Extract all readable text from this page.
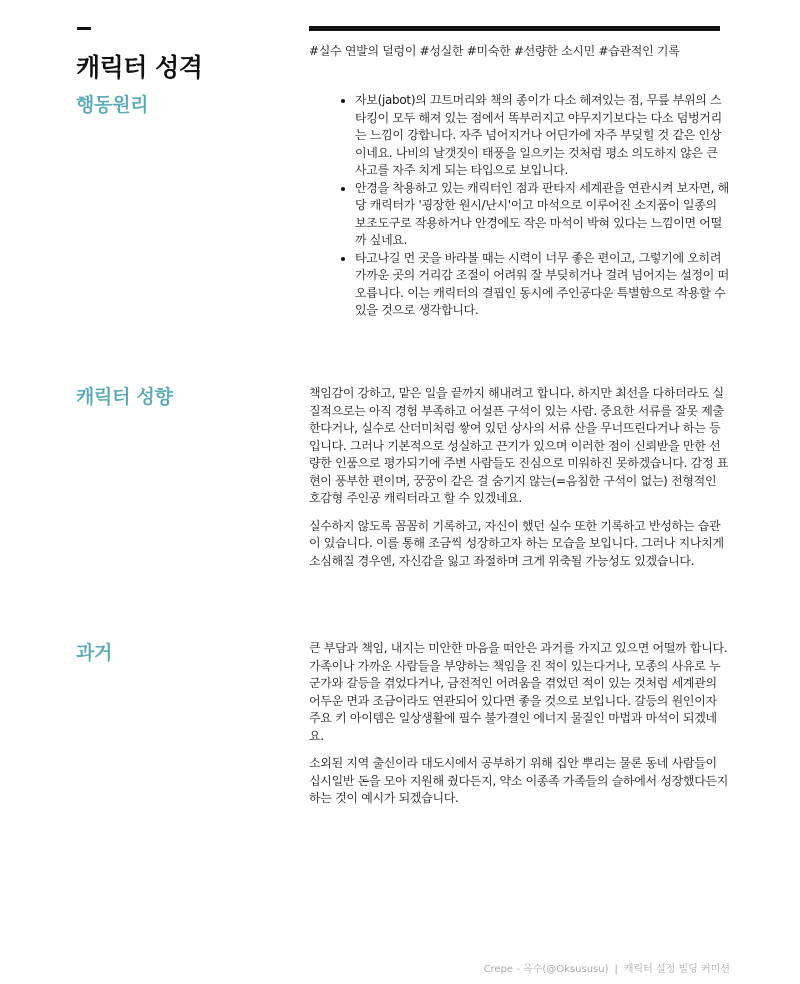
캐릭터 성격
#실수 연발의 덜렁이 #성실한 #미숙한 #선량한 소시민 #습관적인 기록
행동원리
•	자보(jabot)의 끄트머리와 책의 종이가 다소 헤져있는 점, 무릎 부위의 스타킹이 모두 해져 있는 점에서 똑부러지고 야무지기보다는 다소 덤벙거리는 느낌이 강합니다. 자주 넘어지거나 어딘가에 자주 부딪힐 것 같은 인상이네요. 나비의 날갯짓이 태풍을 일으키는 것처럼 평소 의도하지 않은 큰 사고를 자주 치게 되는 타입으로 보입니다.
• 안경을 착용하고 있는 캐릭터인 점과 판타지 세계관을 연관시켜 보자면, 해당 캐릭터가 '굉장한 원시/난시'이고 마석으로 이루어진 소지품이 일종의 보조도구로 작용하거나 안경에도 작은 마석이 박혀 있다는 느낌이면 어떨까 싶네요.
• 타고나길 먼 곳을 바라볼 때는 시력이 너무 좋은 편이고, 그렇기에 오히려 가까운 곳의 거리감 조절이 어려워 잘 부딪히거나 걸려 넘어지는 설정이 떠오릅니다. 이는 캐릭터의 결핍인 동시에 주인공다운 특별함으로 작용할 수 있을 것으로 생각합니다.
캐릭터 성향	책임감이 강하고, 맡은 일을 끝까지 해내려고 합니다. 하지만 최선을 다하더라도 실질적으로는 아직 경험 부족하고 어설픈 구석이 있는 사람. 중요한 서류를 잘못 제출한다거나, 실수로 산더미처럼 쌓여 있던 상사의 서류 산을 무너뜨린다거나 하는 등입니다. 그러나 기본적으로 성실하고 끈기가 있으며 이러한 점이 신뢰받을 만한 선량한 인품으로 평가되기에 주변 사람들도 진심으로 미워하진 못하겠습니다. 감정 표현이 풍부한 편이며, 꿍꿍이 같은 걸 숨기지 않는(=음침한 구석이 없는) 전형적인 호감형 주인공 캐릭터라고 할 수 있겠네요.

실수하지 않도록 꼼꼼히 기록하고, 자신이 했던 실수 또한 기록하고 반성하는 습관이 있습니다. 이를 통해 조금씩 성장하고자 하는 모습을 보입니다. 그러나 지나치게 소심해질 경우엔, 자신감을 잃고 좌절하며 크게 위축될 가능성도 있겠습니다.

과거	큰 부담과 책임, 내지는 미안한 마음을 떠안은 과거를 가지고 있으면 어떨까 합니다. 가족이나 가까운 사람들을 부양하는 책임을 진 적이 있는다거나, 모종의 사유로 누군가와 갈등을 겪었다거나, 금전적인 어려움을 겪었던 적이 있는 것처럼 세계관의 어두운 면과 조금이라도 연관되어 있다면 좋을 것으로 보입니다. 갈등의 원인이자 주요 키 아이템은 일상생활에 필수 불가결인 에너지 물질인 마법과 마석이 되겠네요.

소외된 지역 출신이라 대도시에서 공부하기 위해 집안 뿌리는 물론 동네 사람들이 십시일반 돈을 모아 지원해 줬다든지, 약소 이종족 가족들의 슬하에서 성장했다든지 하는 것이 예시가 되겠습니다.

Crepe - 옥수(@Oksususu) | 캐릭터 설정 빌딩 커미션
